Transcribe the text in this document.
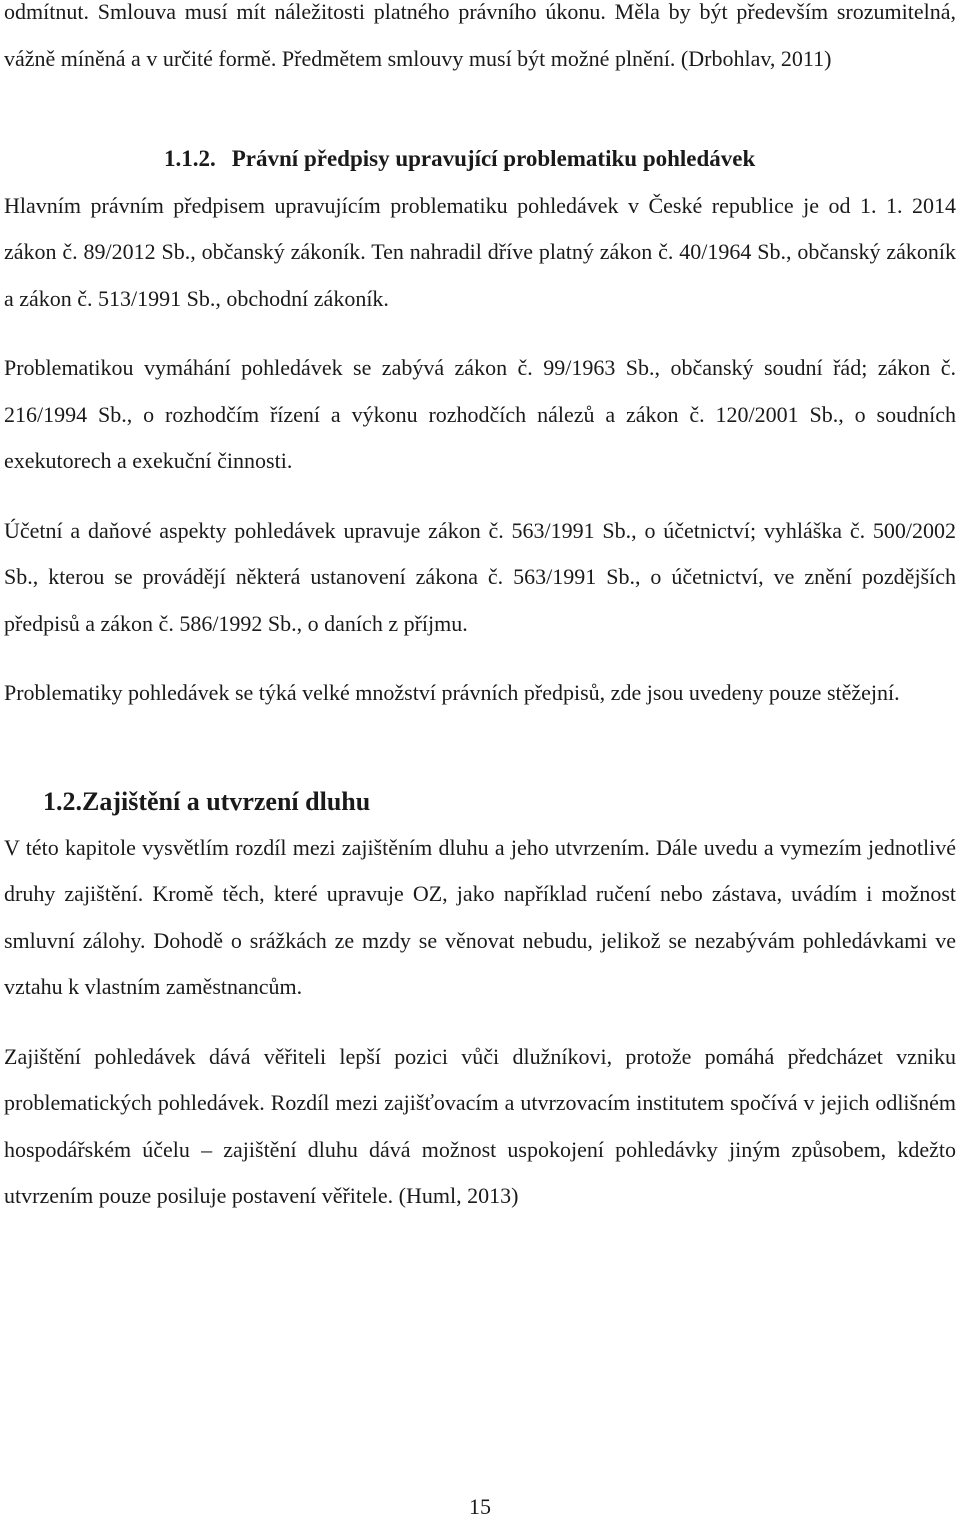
odmítnut. Smlouva musí mít náležitosti platného právního úkonu. Měla by být především srozumitelná, vážně míněná a v určité formě. Předmětem smlouvy musí být možné plnění. (Drbohlav, 2011)

1.1.2. Právní předpisy upravující problematiku pohledávek

Hlavním právním předpisem upravujícím problematiku pohledávek v České republice je od 1. 1. 2014 zákon č. 89/2012 Sb., občanský zákoník. Ten nahradil dříve platný zákon č. 40/1964 Sb., občanský zákoník a zákon č. 513/1991 Sb., obchodní zákoník.

Problematikou vymáhání pohledávek se zabývá zákon č. 99/1963 Sb., občanský soudní řád; zákon č. 216/1994 Sb., o rozhodčím řízení a výkonu rozhodčích nálezů a zákon č. 120/2001 Sb., o soudních exekutorech a exekuční činnosti.

Účetní a daňové aspekty pohledávek upravuje zákon č. 563/1991 Sb., o účetnictví; vyhláška č. 500/2002 Sb., kterou se provádějí některá ustanovení zákona č. 563/1991 Sb., o účetnictví, ve znění pozdějších předpisů a zákon č. 586/1992 Sb., o daních z příjmu.

Problematiky pohledávek se týká velké množství právních předpisů, zde jsou uvedeny pouze stěžejní.

1.2. Zajištění a utvrzení dluhu

V této kapitole vysvětlím rozdíl mezi zajištěním dluhu a jeho utvrzením. Dále uvedu a vymezím jednotlivé druhy zajištění. Kromě těch, které upravuje OZ, jako například ručení nebo zástava, uvádím i možnost smluvní zálohy. Dohodě o srážkách ze mzdy se věnovat nebudu, jelikož se nezabývám pohledávkami ve vztahu k vlastním zaměstnancům.

Zajištění pohledávek dává věřiteli lepší pozici vůči dlužníkovi, protože pomáhá předcházet vzniku problematických pohledávek. Rozdíl mezi zajišťovacím a utvrzovacím institutem spočívá v jejich odlišném hospodářském účelu – zajištění dluhu dává možnost uspokojení pohledávky jiným způsobem, kdežto utvrzením pouze posiluje postavení věřitele. (Huml, 2013)

15
